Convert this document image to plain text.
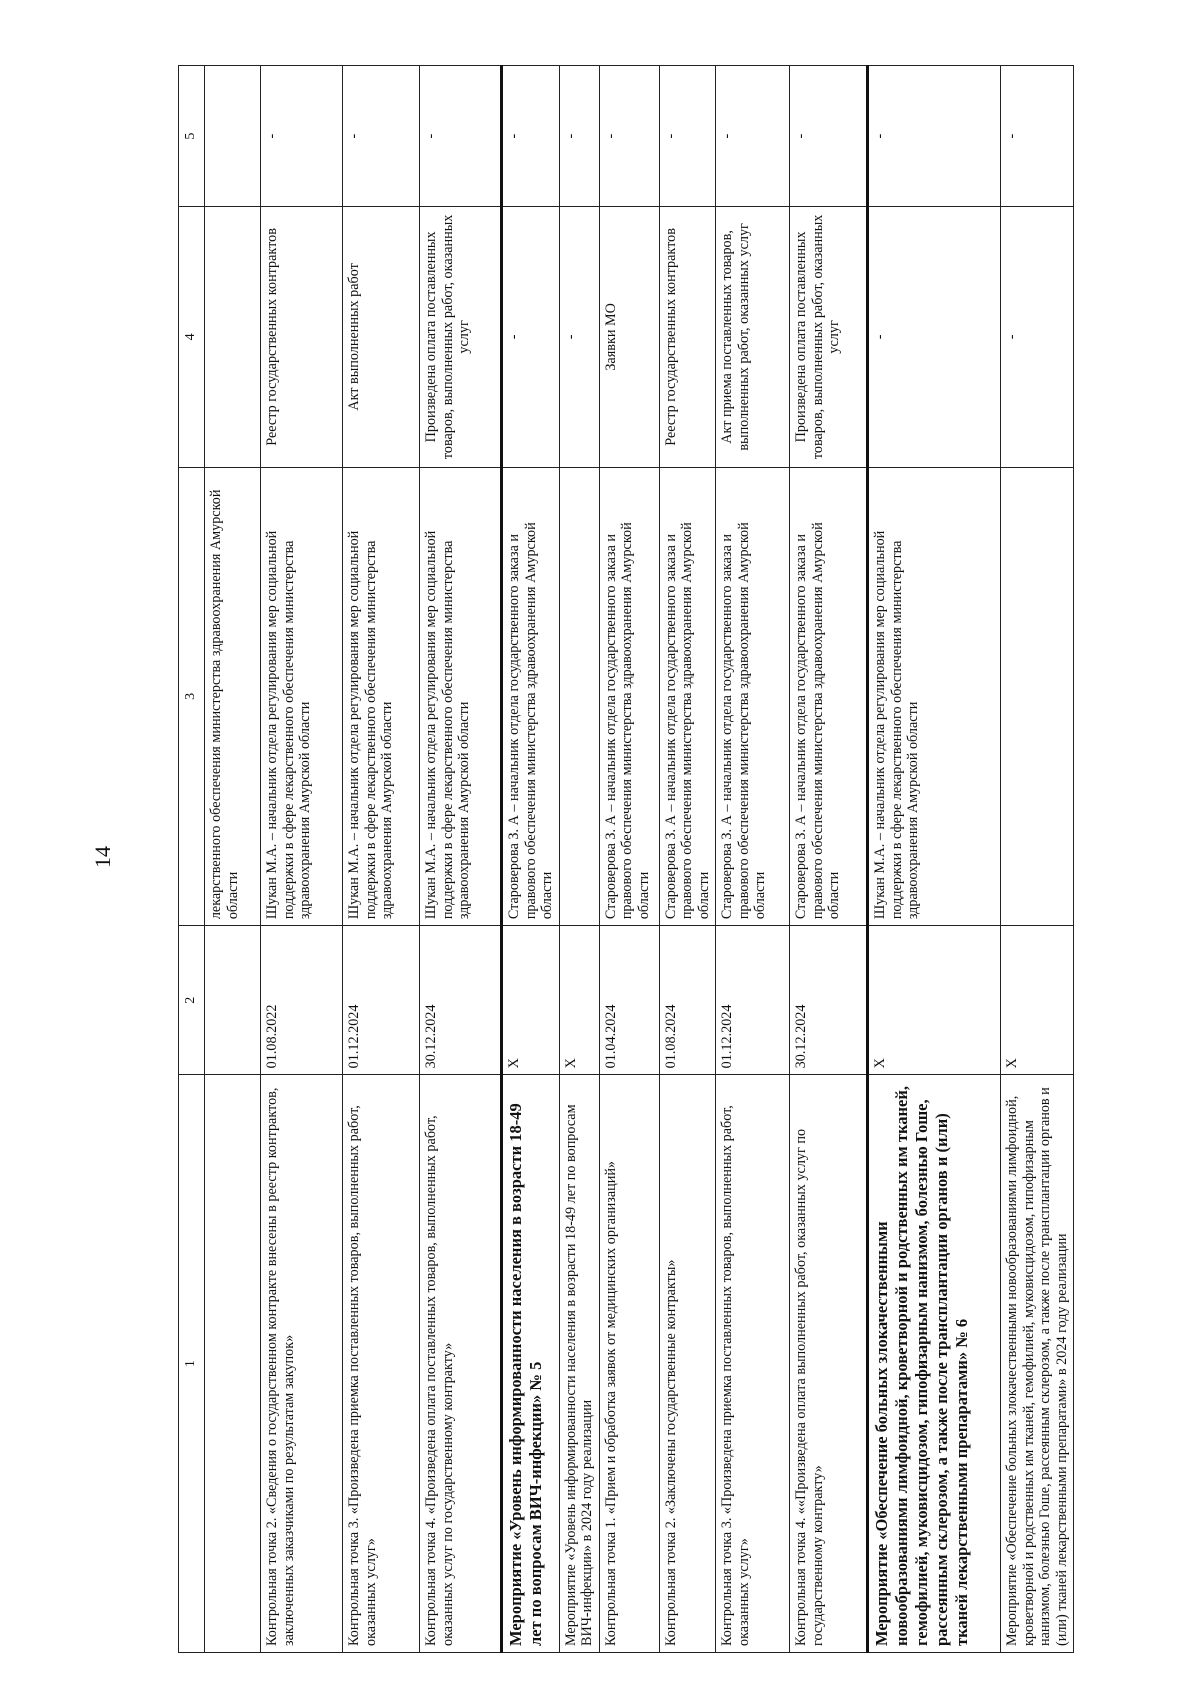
14
1	2	3	4	5
		лекарственного обеспечения министерства здравоохранения Амурской области		
Контрольная точка 2. «Сведения о государственном контракте внесены в реестр контрактов, заключенных заказчиками по результатам закупок»	01.08.2022	Шукан М.А. – начальник отдела регулирования мер социальной поддержки в сфере лекарственного обеспечения министерства здравоохранения Амурской области	Реестр государственных контрактов	-
Контрольная точка 3. «Произведена приемка поставленных товаров, выполненных работ, оказанных услуг»	01.12.2024	Шукан М.А. – начальник отдела регулирования мер социальной поддержки в сфере лекарственного обеспечения министерства здравоохранения Амурской области	Акт выполненных работ	-
Контрольная точка 4. «Произведена оплата поставленных товаров, выполненных работ, оказанных услуг по государственному контракту»	30.12.2024	Шукан М.А. – начальник отдела регулирования мер социальной поддержки в сфере лекарственного обеспечения министерства здравоохранения Амурской области	Произведена оплата поставленных товаров, выполненных работ, оказанных услуг	-
Мероприятие «Уровень информированности населения в возрасти 18-49 лет по вопросам ВИЧ-инфекции» № 5	Х	Староверова З. А – начальник отдела государственного заказа и правового обеспечения министерства здравоохранения Амурской области	-	-
Мероприятие «Уровень информированности населения в возрасти 18-49 лет по вопросам ВИЧ-инфекции» в 2024 году реализации	Х		-	-
Контрольная точка 1. «Прием и обработка заявок от медицинских организаций»	01.04.2024	Староверова З. А – начальник отдела государственного заказа и правового обеспечения министерства здравоохранения Амурской области	Заявки МО	-
Контрольная точка 2. «Заключены государственные контракты»	01.08.2024	Староверова З. А – начальник отдела государственного заказа и правового обеспечения министерства здравоохранения Амурской области	Реестр государственных контрактов	-
Контрольная точка 3. «Произведена приемка поставленных товаров, выполненных работ, оказанных услуг»	01.12.2024	Староверова З. А – начальник отдела государственного заказа и правового обеспечения министерства здравоохранения Амурской области	Акт приема поставленных товаров, выполненных работ, оказанных услуг	-
Контрольная точка 4. ««Произведена оплата выполненных работ, оказанных услуг по государственному контракту»	30.12.2024	Староверова З. А – начальник отдела государственного заказа и правового обеспечения министерства здравоохранения Амурской области	Произведена оплата поставленных товаров, выполненных работ, оказанных услуг	-
Мероприятие «Обеспечение больных злокачественными новообразованиями лимфоидной, кроветворной и родственных им тканей, гемофилией, муковисцидозом, гипофизарным нанизмом, болезнью Гоше, рассеянным склерозом, а также после трансплантации органов и (или) тканей лекарственными препаратами» № 6	Х	Шукан М.А. – начальник отдела регулирования мер социальной поддержки в сфере лекарственного обеспечения министерства здравоохранения Амурской области	-	-
Мероприятие «Обеспечение больных злокачественными новообразованиями лимфоидной, кроветворной и родственных им тканей, гемофилией, муковисцидозом, гипофизарным нанизмом, болезнью Гоше, рассеянным склерозом, а также после трансплантации органов и (или) тканей лекарственными препаратами» в 2024 году реализации	Х		-	-
